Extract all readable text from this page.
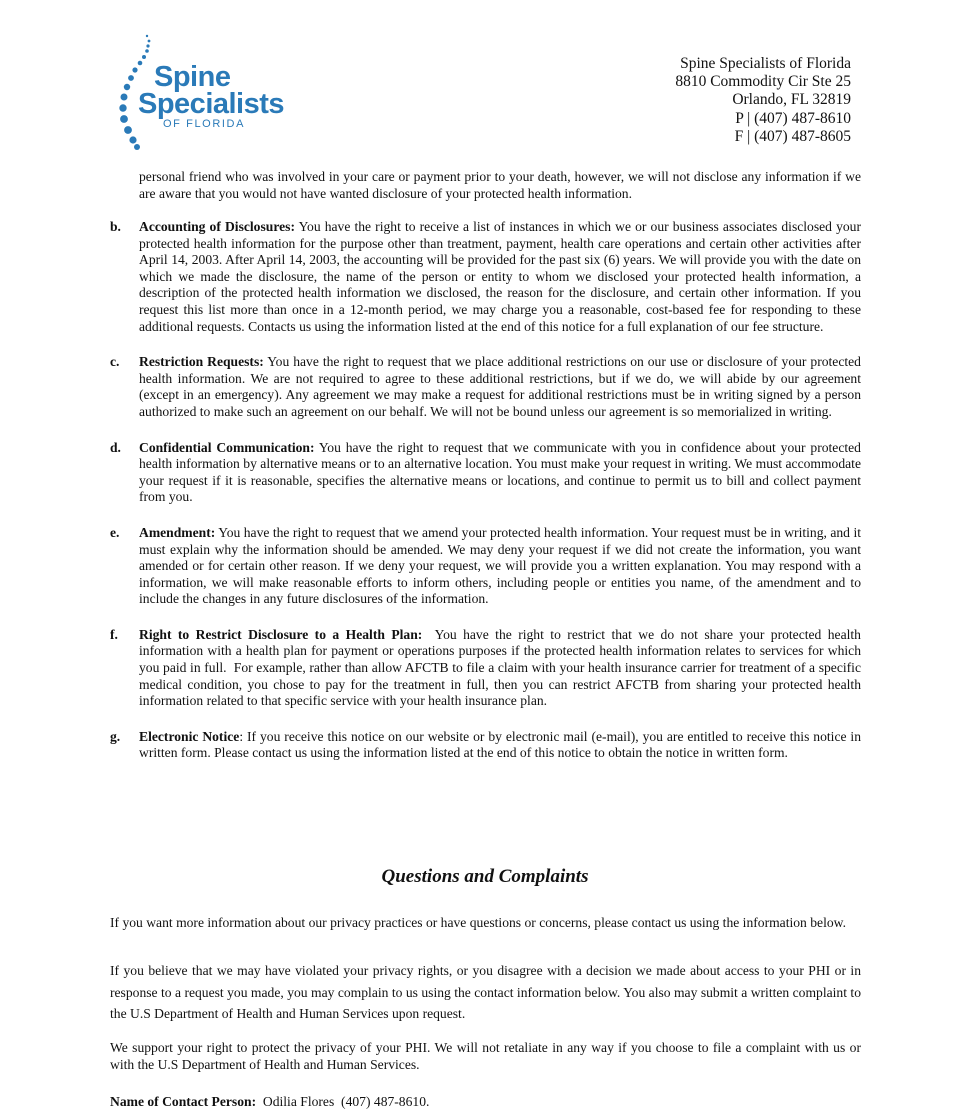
Spine
Specialists
OF FLORIDA
Spine Specialists of Florida
8810 Commodity Cir Ste 25
Orlando, FL 32819
P | (407) 487-8610
F | (407) 487-8605
personal friend who was involved in your care or payment prior to your death, however, we will not disclose any information if we are aware that you would not have wanted disclosure of your protected health information.
b. Accounting of Disclosures: You have the right to receive a list of instances in which we or our business associates disclosed your protected health information for the purpose other than treatment, payment, health care operations and certain other activities after April 14, 2003. After April 14, 2003, the accounting will be provided for the past six (6) years. We will provide you with the date on which we made the disclosure, the name of the person or entity to whom we disclosed your protected health information, a description of the protected health information we disclosed, the reason for the disclosure, and certain other information. If you request this list more than once in a 12-month period, we may charge you a reasonable, cost-based fee for responding to these additional requests. Contacts us using the information listed at the end of this notice for a full explanation of our fee structure.
c. Restriction Requests: You have the right to request that we place additional restrictions on our use or disclosure of your protected health information. We are not required to agree to these additional restrictions, but if we do, we will abide by our agreement (except in an emergency). Any agreement we may make a request for additional restrictions must be in writing signed by a person authorized to make such an agreement on our behalf. We will not be bound unless our agreement is so memorialized in writing.
d. Confidential Communication: You have the right to request that we communicate with you in confidence about your protected health information by alternative means or to an alternative location. You must make your request in writing. We must accommodate your request if it is reasonable, specifies the alternative means or locations, and continue to permit us to bill and collect payment from you.
e. Amendment: You have the right to request that we amend your protected health information. Your request must be in writing, and it must explain why the information should be amended. We may deny your request if we did not create the information, you want amended or for certain other reason. If we deny your request, we will provide you a written explanation. You may respond with a information, we will make reasonable efforts to inform others, including people or entities you name, of the amendment and to include the changes in any future disclosures of the information.
f. Right to Restrict Disclosure to a Health Plan:  You have the right to restrict that we do not share your protected health information with a health plan for payment or operations purposes if the protected health information relates to services for which you paid in full.  For example, rather than allow AFCTB to file a claim with your health insurance carrier for treatment of a specific medical condition, you chose to pay for the treatment in full, then you can restrict AFCTB from sharing your protected health information related to that specific service with your health insurance plan.
g. Electronic Notice: If you receive this notice on our website or by electronic mail (e-mail), you are entitled to receive this notice in written form. Please contact us using the information listed at the end of this notice to obtain the notice in written form.
Questions and Complaints
If you want more information about our privacy practices or have questions or concerns, please contact us using the information below.
If you believe that we may have violated your privacy rights, or you disagree with a decision we made about access to your PHI or in response to a request you made, you may complain to us using the contact information below. You also may submit a written complaint to the U.S Department of Health and Human Services upon request.
We support your right to protect the privacy of your PHI. We will not retaliate in any way if you choose to file a complaint with us or with the U.S Department of Health and Human Services.
Name of Contact Person:  Odilia Flores  (407) 487-8610.
